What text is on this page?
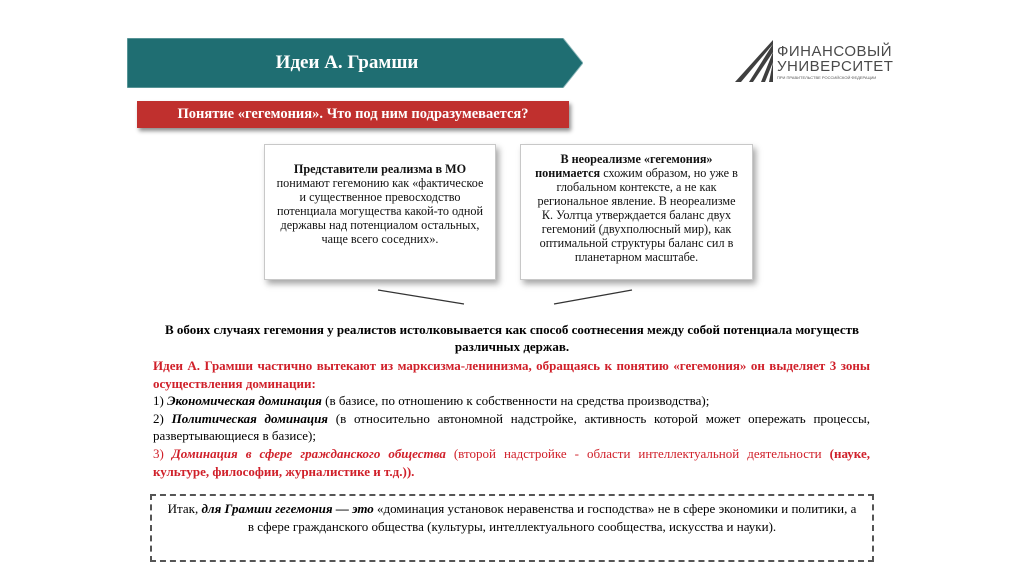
Идеи А. Грамши
ФИНАНСОВЫЙ
УНИВЕРСИТЕТ
ПРИ ПРАВИТЕЛЬСТВЕ РОССИЙСКОЙ ФЕДЕРАЦИИ
Понятие «гегемония». Что под ним подразумевается?
Представители реализма в МО понимают гегемонию как «фактическое и существенное превосходство потенциала могущества какой-то одной державы над потенциалом остальных, чаще всего соседних».
В неореализме «гегемония» понимается схожим образом, но уже в глобальном контексте, а не как региональное явление. В неореализме К. Уолтца утверждается баланс двух гегемоний (двухполюсный мир), как оптимальной структуры баланс сил в планетарном масштабе.
В обоих случаях гегемония у реалистов истолковывается как способ соотнесения между собой потенциала могуществ различных держав.

Идеи А. Грамши частично вытекают из марксизма-ленинизма, обращаясь к понятию «гегемония» он выделяет 3 зоны осуществления доминации:

1) Экономическая доминация (в базисе, по отношению к собственности на средства производства);

2) Политическая доминация (в относительно автономной надстройке, активность которой может опережать процессы, развертывающиеся в базисе);

3) Доминация в сфере гражданского общества (второй надстройке - области интеллектуальной деятельности (науке, культуре, философии, журналистике и т.д.)).

Итак, для Грамши гегемония — это «доминация установок неравенства и господства» не в сфере экономики и политики, а в сфере гражданского общества (культуры, интеллектуального сообщества, искусства и науки).
